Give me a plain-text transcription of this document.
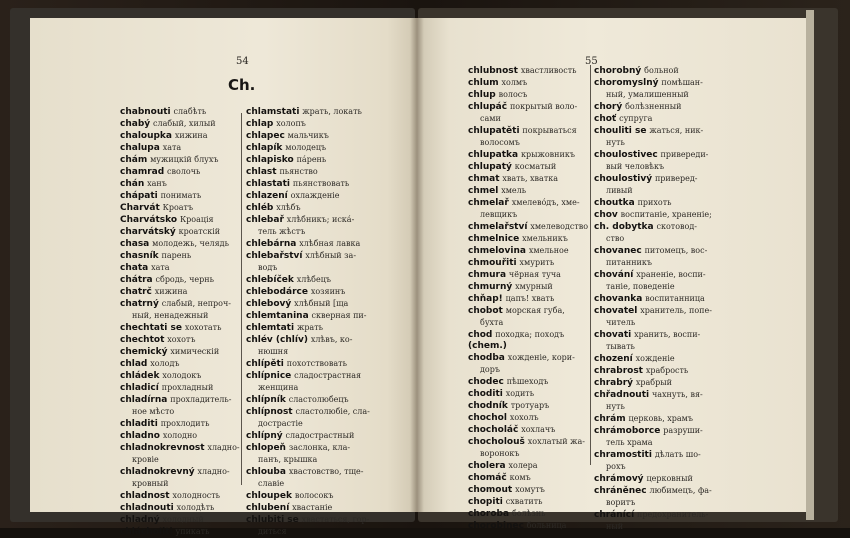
54
Ch.
chabnouti слабѣть
chabý слабый, хилый
chaloupka хижина
chalupa хата
chám мужицкій блухъ
chamrad сволочь
chán ханъ
chápati понимать
Charvát Кроатъ
Charvátsko Кроація
charvátský кроатскій
chasa молодежь, челядь
chasník парень
chata хата
chátra сбродь, чернь
chatrč хижина
chatrný слабый, непроч-
ный, ненадежный
chechtati se хохотать
chechtot хохотъ
chemický химическій
chlad холодъ
chládek холодокъ
chladicí прохладный
chladírna прохладитель-
ное мѣсто
chladiti прохлодить
chladno холодно
chladnokrevnost хладно-
кровіе
chladnokrevný хладно-
кровный
chladnost холодность
chladnouti холодѣть
chladný холодный
chláchoIiti упикать
chlamstati жрать, локать
chlap холопъ
chlapec мальчикъ
chlapík молодецъ
chlapisko пáрень
chlast пьянство
chlastati пьянствовать
chlazení охлажденіе
chléb хлѣбъ
chlebař хлѣбникъ; искá-
тель жѣстъ
chlebárna хлѣбная лавка
chlebařství хлѣбный за-
водъ
chlebíček хлѣбецъ
chlebodárce хозяинъ
chlebový хлѣбный [ща
chlemtanina скверная пи-
chlemtati жрать
chlév (chlív) хлѣвъ, ко-
нюшня
chlípěti похотствовать
chlípnice сладострастная
женщина
chlípník сластолюбецъ
chlípnost сластолюбіе, сла-
дострастіе
chlípný сладострастный
chlopeň заслонка, кла-
панъ, крышка
chlouba хвастовство, тще-
славіе
chloupek волосокъ
chlubení хвастаніе
chlubiti se хвастаться, гор-
диться
55
chlubnost хвастливость
chlum холмъ
chlup волосъ
chlupáč покрытый воло-
сами
chlupatěti покрываться
волосомъ
chlupatka крыжовникъ
chlupatý косматый
chmat хвать, хватка
chmel хмель
chmelař хмелевóдъ, хме-
левщикъ
chmelařství хмелеводство
chmelnice хмельникъ
chmelovina хмельное
chmouřiti хмурить
chmura чёрная туча
chmurný хмурный
chňap! цапъ! хвать
chobot морская губа,
бухта
chod походка; походъ
(chem.)
chodba хожденіе, кори-
доръ
chodec пѣшеходъ
choditi ходить
chodník тротуаръ
chochol хохолъ
chocholáč хохлачъ
chocholouš хохлатый жа-
воронокъ
cholera холера
chomáč комъ
chomout хомутъ
chopiti схватить
choroba болѣзнь
chorobinec больница
chorobný больной
choromyslný помѣшан-
ный, умалишенный
chorý болѣзненный
choť супруга
chouliti se жаться, ник-
нуть
choulostivec привереди-
вый человѣкъ
choulostivý приверед-
ливый
choutka прихоть
chov воспитаніе, храненіе;
ch. dobytka скотовод-
ство
chovanec питомецъ, вос-
питанникъ
chování храненіе, воспи-
таніе, поведеніе
chovanka воспитанница
chovatel хранитель, попе-
читель
chovati хранить, воспи-
тывать
chození хожденіе
chrabrost храбрость
chrabrý храбрый
chřadnouti чахнуть, вя-
нуть
chrám церковь, храмъ
chrámoborce разруши-
тель храма
chramostiti дѣлать шо-
рохъ
chrámový церковный
chráněnec любимецъ, фа-
воритъ
chránící предохранитель-
ный
